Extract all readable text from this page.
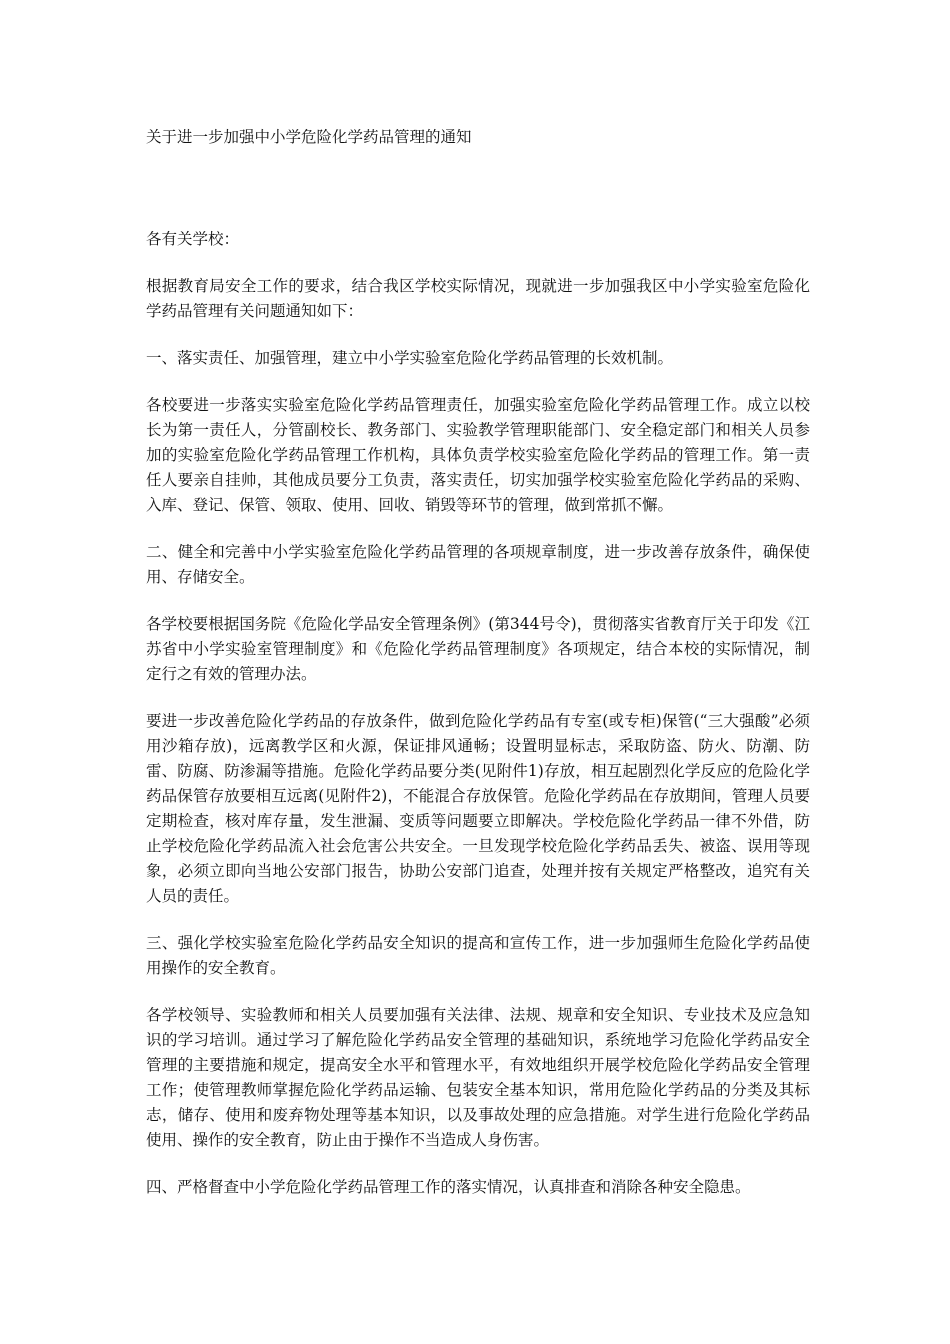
关于进一步加强中小学危险化学药品管理的通知

各有关学校：

根据教育局安全工作的要求，结合我区学校实际情况，现就进一步加强我区中小学实验室危险化学药品管理有关问题通知如下：

一、落实责任、加强管理，建立中小学实验室危险化学药品管理的长效机制。

各校要进一步落实实验室危险化学药品管理责任，加强实验室危险化学药品管理工作。成立以校长为第一责任人，分管副校长、教务部门、实验教学管理职能部门、安全稳定部门和相关人员参加的实验室危险化学药品管理工作机构，具体负责学校实验室危险化学药品的管理工作。第一责任人要亲自挂帅，其他成员要分工负责，落实责任，切实加强学校实验室危险化学药品的采购、入库、登记、保管、领取、使用、回收、销毁等环节的管理，做到常抓不懈。

二、健全和完善中小学实验室危险化学药品管理的各项规章制度，进一步改善存放条件，确保使用、存储安全。

各学校要根据国务院《危险化学品安全管理条例》(第344号令)，贯彻落实省教育厅关于印发《江苏省中小学实验室管理制度》和《危险化学药品管理制度》各项规定，结合本校的实际情况，制定行之有效的管理办法。

要进一步改善危险化学药品的存放条件，做到危险化学药品有专室(或专柜)保管(“三大强酸”必须用沙箱存放)，远离教学区和火源，保证排风通畅；设置明显标志，采取防盗、防火、防潮、防雷、防腐、防渗漏等措施。危险化学药品要分类(见附件1)存放，相互起剧烈化学反应的危险化学药品保管存放要相互远离(见附件2)，不能混合存放保管。危险化学药品在存放期间，管理人员要定期检查，核对库存量，发生泄漏、变质等问题要立即解决。学校危险化学药品一律不外借，防止学校危险化学药品流入社会危害公共安全。一旦发现学校危险化学药品丢失、被盗、误用等现象，必须立即向当地公安部门报告，协助公安部门追查，处理并按有关规定严格整改，追究有关人员的责任。

三、强化学校实验室危险化学药品安全知识的提高和宣传工作，进一步加强师生危险化学药品使用操作的安全教育。

各学校领导、实验教师和相关人员要加强有关法律、法规、规章和安全知识、专业技术及应急知识的学习培训。通过学习了解危险化学药品安全管理的基础知识，系统地学习危险化学药品安全管理的主要措施和规定，提高安全水平和管理水平，有效地组织开展学校危险化学药品安全管理工作；使管理教师掌握危险化学药品运输、包装安全基本知识，常用危险化学药品的分类及其标志，储存、使用和废弃物处理等基本知识，以及事故处理的应急措施。对学生进行危险化学药品使用、操作的安全教育，防止由于操作不当造成人身伤害。

四、严格督查中小学危险化学药品管理工作的落实情况，认真排查和消除各种安全隐患。
